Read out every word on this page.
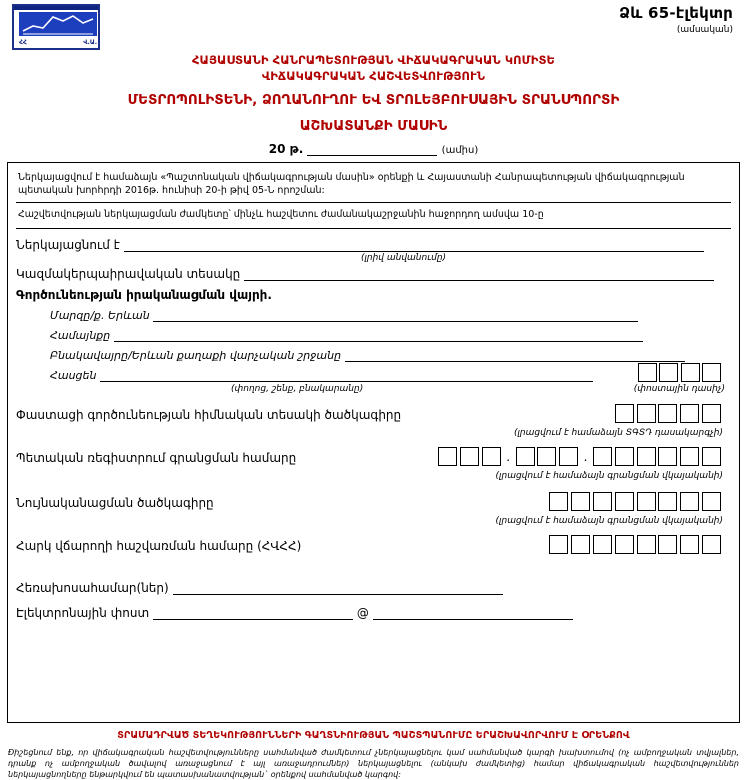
ՀՀ	Վ.Ա.
Ձև 65-էլեկտր
(ամսական)
ՀԱՅԱՍՏԱՆԻ ՀԱՆՐԱՊԵՏՈՒԹՅԱՆ ՎԻՃԱԿԱԳՐԱԿԱՆ ԿՈՄԻՏԵ
ՎԻՃԱԿԱԳՐԱԿԱՆ ՀԱՇՎԵՏՎՈՒԹՅՈՒՆ
ՄԵՏՐՈՊՈԼԻՏԵՆԻ, ՁՈՂԱՆՈՒՂՈՒ ԵՎ ՏՐՈԼԵՅԲՈՒՍԱՅԻՆ ՏՐԱՆՍՊՈՐՏԻ
ԱՇԽԱՏԱՆՔԻ ՄԱՍԻՆ
20 թ.	(ամիս)
Ներկայացվում է համաձայն «Պաշտոնական վիճակագրության մասին» օրենքի և Հայաստանի Հանրապետության վիճակագրության պետական խորհրդի 2016թ. հունիսի 20-ի թիվ 05-Ն որոշման:
Հաշվետվության ներկայացման ժամկետը՝ մինչև հաշվետու ժամանակաշրջանին հաջորդող ամսվա 10-ը
Ներկայացնում է
(լրիվ անվանումը)
Կազմակերպաիրավական տեսակը
Գործունեության իրականացման վայրի.
Մարզը/ք. Երևան
Համայնքը
Բնակավայրը/Երևան քաղաքի վարչական շրջանը
Հասցեն

(փողոց, շենք, բնակարանը)	(փոստային դասիչ)
Փաստացի գործունեության հիմնական տեսակի ծածկագիրը

(լրացվում է համաձայն ՏԳՏԴ դասակարգչի)
Պետական ռեգիստրում գրանցման համարը	.	.
(լրացվում է համաձայն գրանցման վկայականի)
Նույնականացման ծածկագիրը

(լրացվում է համաձայն գրանցման վկայականի)
Հարկ վճարողի հաշվառման համարը (ՀՎՀՀ)

Հեռախոսահամար(ներ)
Էլեկտրոնային փոստ	@
ՏՐԱՄԱԴՐՎԱԾ ՏԵՂԵԿՈՒԹՅՈՒՆՆԵՐԻ ԳԱՂՏՆԻՈՒԹՅԱՆ ՊԱՇՏՊԱՆՈՒՄԸ ԵՐԱՇԽԱՎՈՐՎՈՒՄ Է ՕՐԵՆՔՈՎ
Ðիշեցնում ենք, որ վիճակագրական հաշվետվությունները սահմանված ժամկետում չներկայացնելու կամ սահմանված կարգի խախտումով (ոչ ամբողջական տվյալներ, դրանք ոչ ամբողջական ծավալով առաջացնում է այլ առաջադրումներ) ներկայացնելու (անկախ ժամկետից) համար վիճակագրական հաշվետվություններ ներկայացնողները ենթարկվում են պատասխանատվության` օրենքով սահմանված կարգով:
